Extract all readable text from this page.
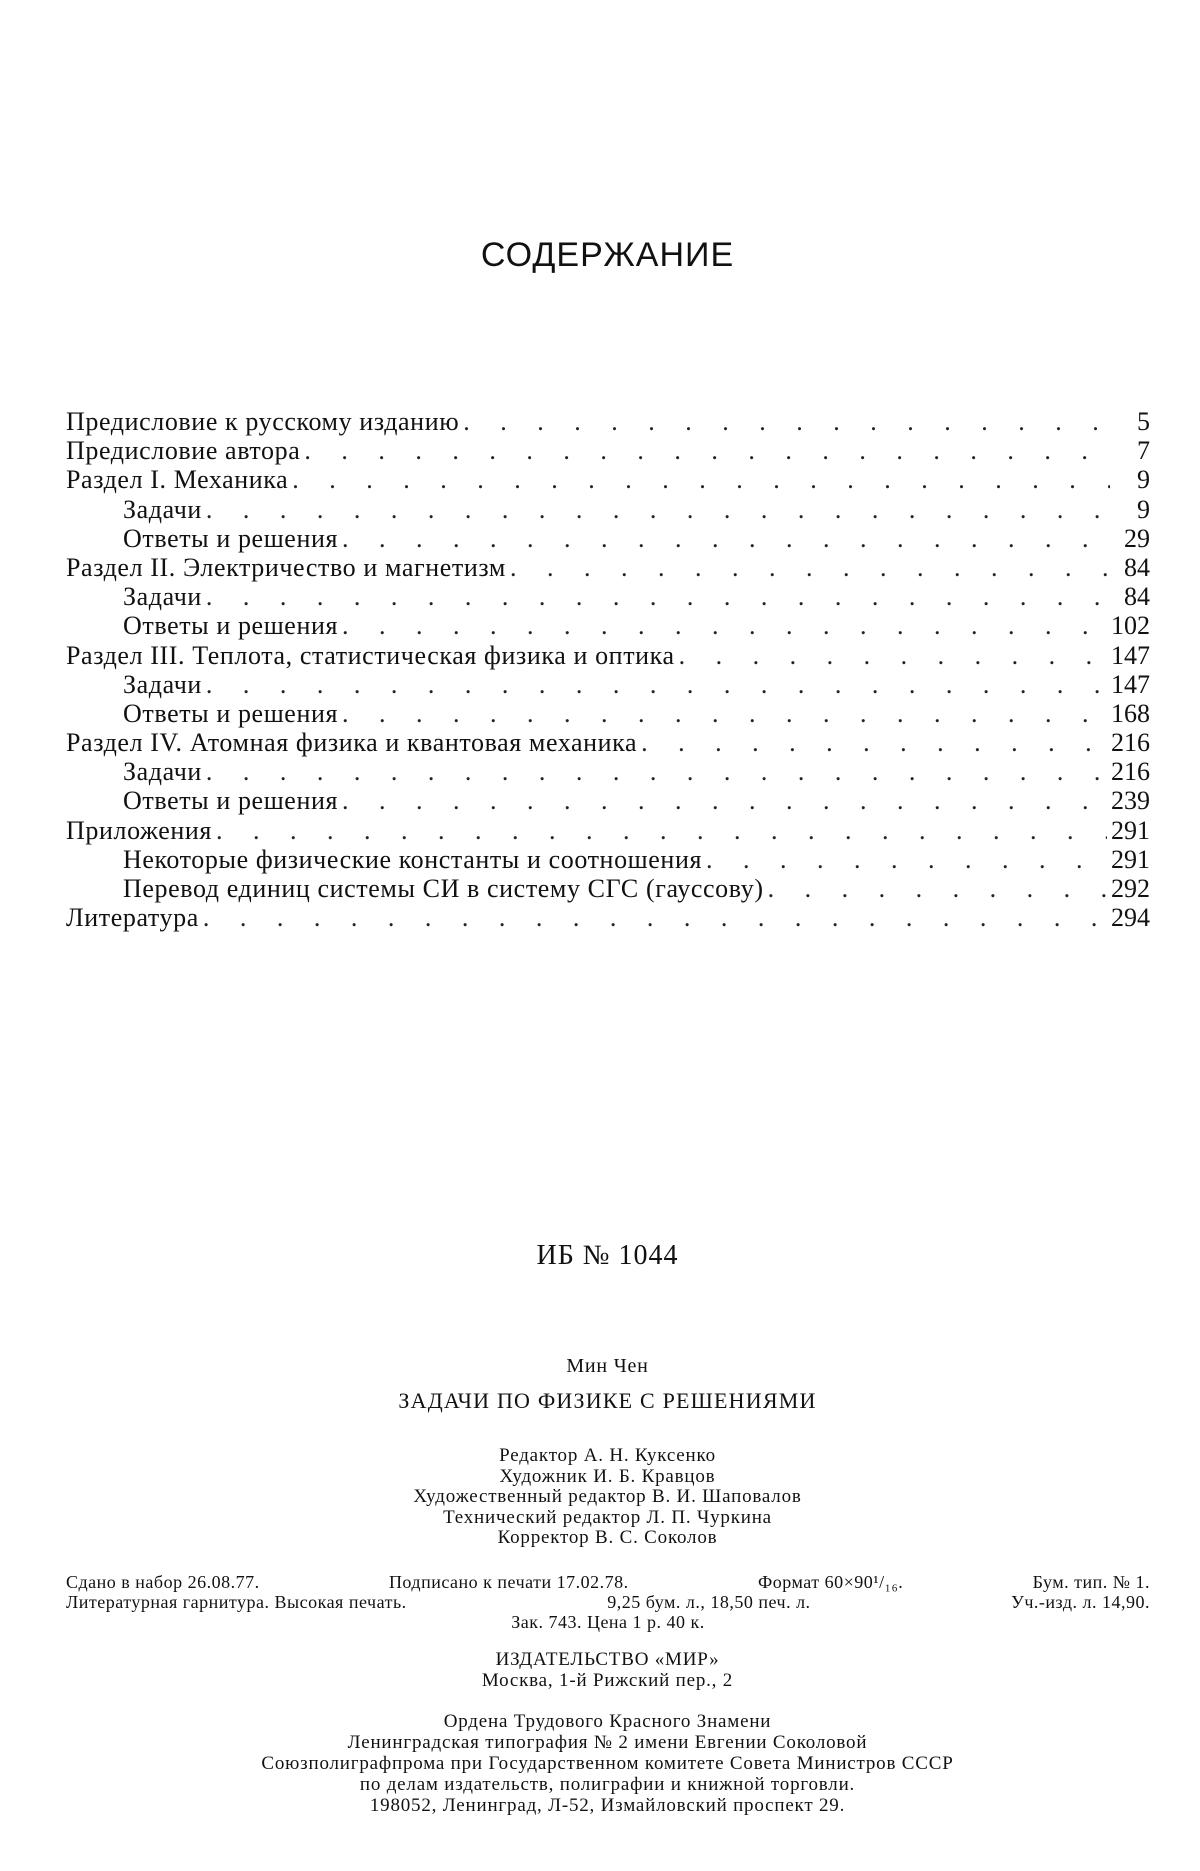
СОДЕРЖАНИЕ
Предисловие к русскому изданию . . .	5
Предисловие автора . . .	7
Раздел I. Механика . . .	9
Задачи . . .	9
Ответы и решения . . .	29
Раздел II. Электричество и магнетизм . . .	84
Задачи . . .	84
Ответы и решения . . .	102
Раздел III. Теплота, статистическая физика и оптика . . .	147
Задачи . . .	147
Ответы и решения . . .	168
Раздел IV. Атомная физика и квантовая механика . . .	216
Задачи . . .	216
Ответы и решения . . .	239
Приложения . . .	291
Некоторые физические константы и соотношения . . .	291
Перевод единиц системы СИ в систему СГС (гауссову) . . .	292
Литература . . .	294
ИБ № 1044
Мин Чен
ЗАДАЧИ ПО ФИЗИКЕ С РЕШЕНИЯМИ
Редактор А. Н. Куксенко
Художник И. Б. Кравцов
Художественный редактор В. И. Шаповалов
Технический редактор Л. П. Чуркина
Корректор В. С. Соколов
Сдано в набор 26.08.77.	Подписано к печати 17.02.78.	Формат 60×90¹/₁₆.	Бум. тип. № 1.
Литературная гарнитура. Высокая печать.	9,25 бум. л., 18,50 печ. л.	Уч.-изд. л. 14,90.
Зак. 743. Цена 1 р. 40 к.
ИЗДАТЕЛЬСТВО «МИР»
Москва, 1-й Рижский пер., 2
Ордена Трудового Красного Знамени
Ленинградская типография № 2 имени Евгении Соколовой
Союзполиграфпрома при Государственном комитете Совета Министров СССР
по делам издательств, полиграфии и книжной торговли.
198052, Ленинград, Л-52, Измайловский проспект 29.
